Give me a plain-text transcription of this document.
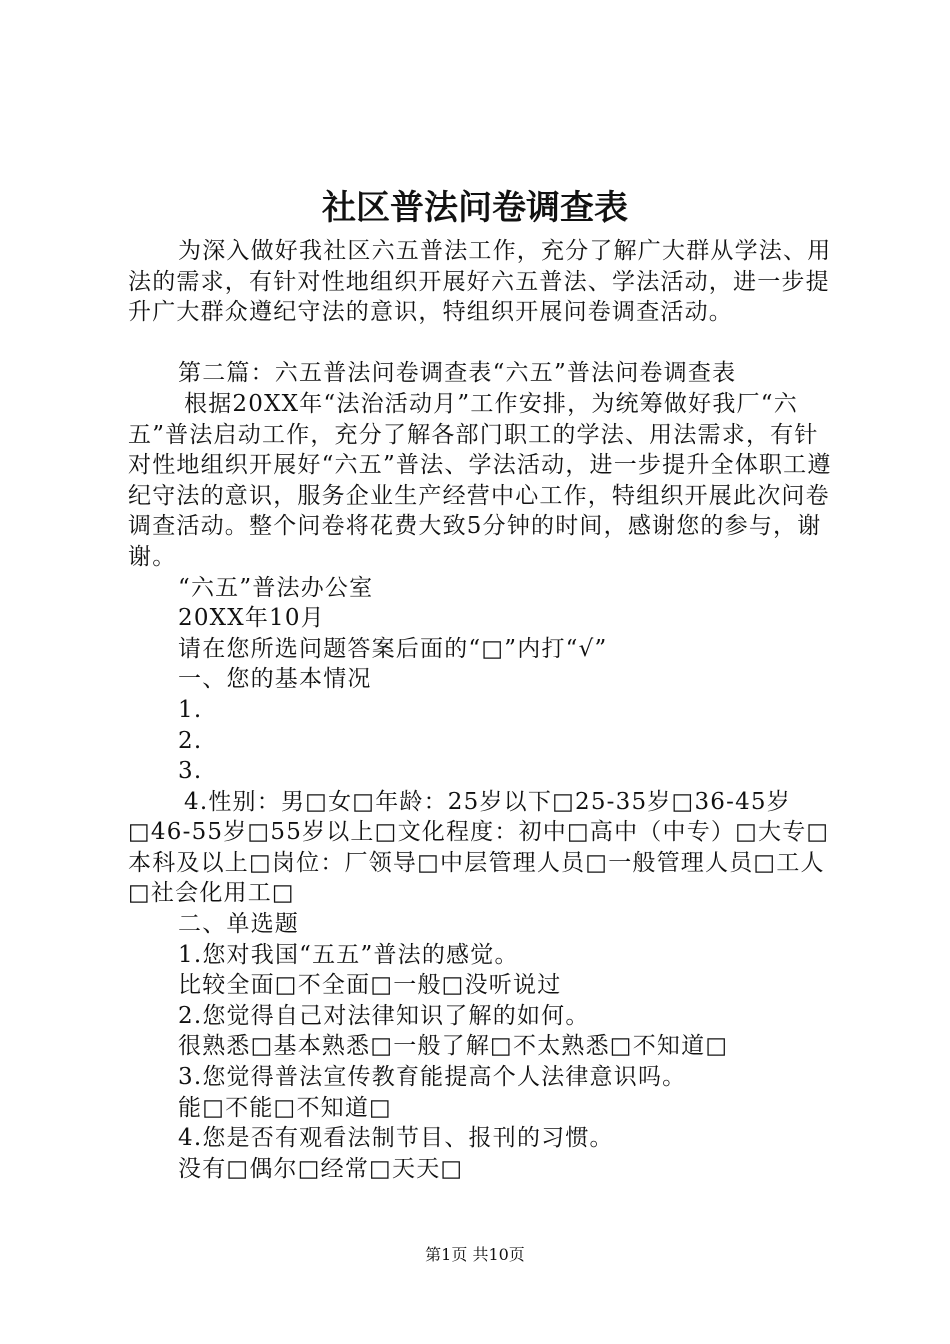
社区普法问卷调查表

为深入做好我社区六五普法工作，充分了解广大群从学法、用法的需求，有针对性地组织开展好六五普法、学法活动，进一步提升广大群众遵纪守法的意识，特组织开展问卷调查活动。

第二篇：六五普法问卷调查表“六五”普法问卷调查表

根据20XX年“法治活动月”工作安排，为统筹做好我厂“六五”普法启动工作，充分了解各部门职工的学法、用法需求，有针对性地组织开展好“六五”普法、学法活动，进一步提升全体职工遵纪守法的意识，服务企业生产经营中心工作，特组织开展此次问卷调查活动。整个问卷将花费大致5分钟的时间，感谢您的参与，谢谢。

“六五”普法办公室

20XX年10月

请在您所选问题答案后面的“□”内打“√”

一、您的基本情况

1.

2.

3.

4.性别：男□女□年龄：25岁以下□25-35岁□36-45岁□46-55岁□55岁以上□文化程度：初中□高中（中专）□大专□本科及以上□岗位：厂领导□中层管理人员□一般管理人员□工人□社会化用工□

二、单选题

1.您对我国“五五”普法的感觉。

比较全面□不全面□一般□没听说过

2.您觉得自己对法律知识了解的如何。

很熟悉□基本熟悉□一般了解□不太熟悉□不知道□

3.您觉得普法宣传教育能提高个人法律意识吗。

能□不能□不知道□

4.您是否有观看法制节目、报刊的习惯。

没有□偶尔□经常□天天□

第1页 共10页
